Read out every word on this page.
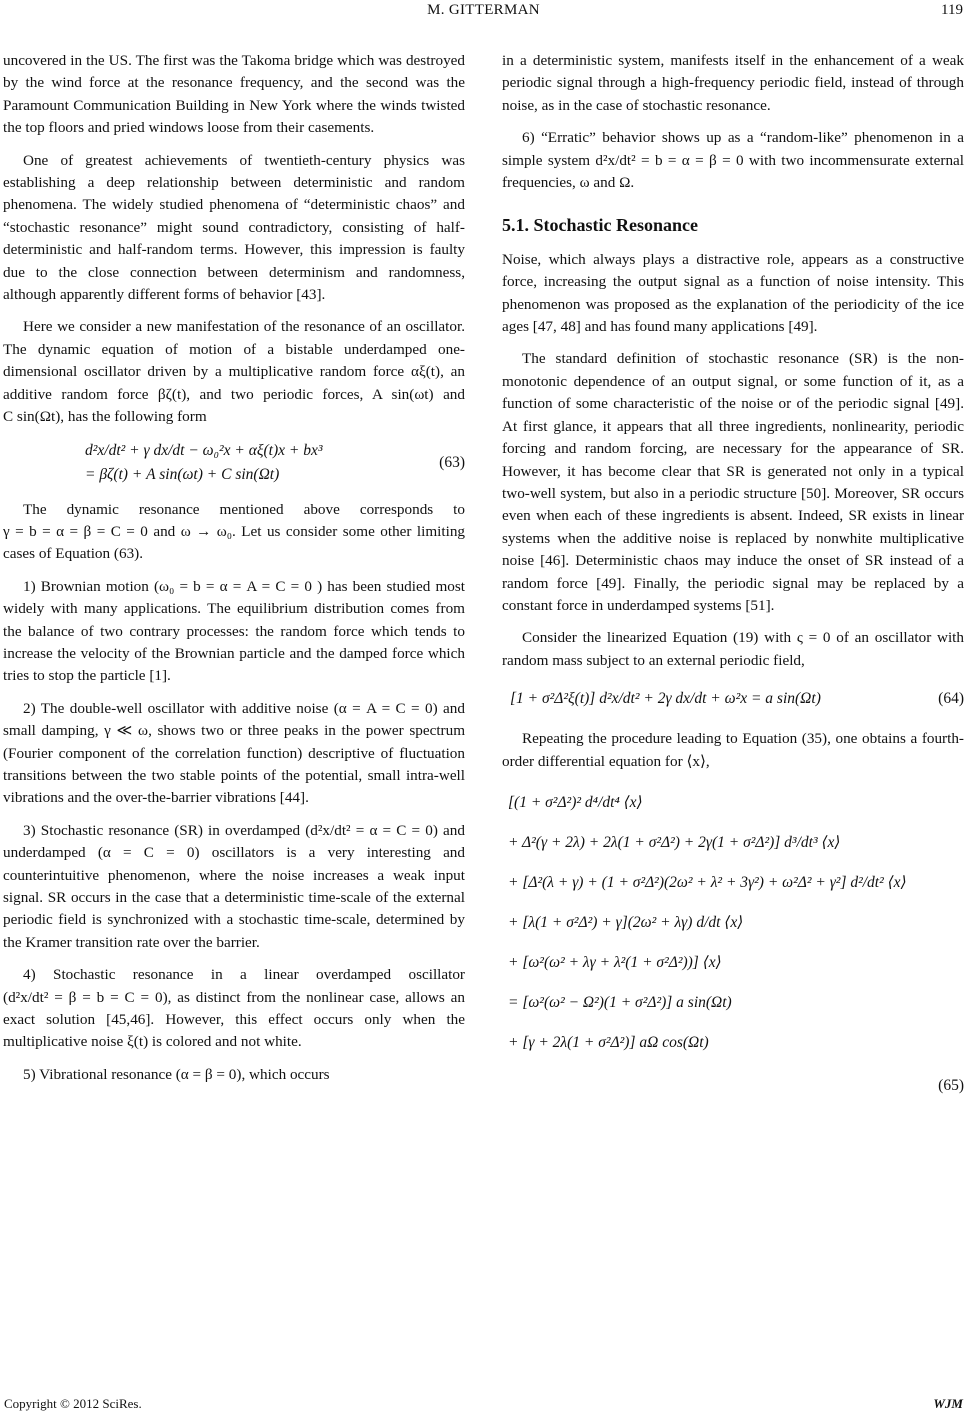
M. GITTERMAN	119

uncovered in the US. The first was the Takoma bridge which was destroyed by the wind force at the resonance frequency, and the second was the Paramount Communication Building in New York where the winds twisted the top floors and pried windows loose from their casements.

One of greatest achievements of twentieth-century physics was establishing a deep relationship between deterministic and random phenomena. The widely studied phenomena of “deterministic chaos” and “stochastic resonance” might sound contradictory, consisting of half-deterministic and half-random terms. However, this impression is faulty due to the close connection between determinism and randomness, although apparently different forms of behavior [43].

Here we consider a new manifestation of the resonance of an oscillator. The dynamic equation of motion of a bistable underdamped one-dimensional oscillator driven by a multiplicative random force αξ(t), an additive random force βζ(t), and two periodic forces, A sin(ωt) and C sin(Ωt), has the following form

d²x/dt² + γ dx/dt − ω₀²x + αξ(t)x + bx³
= βζ(t) + A sin(ωt) + C sin(Ωt)
(63)

The dynamic resonance mentioned above corresponds to γ = b = α = β = C = 0 and ω → ω₀. Let us consider some other limiting cases of Equation (63).

1) Brownian motion (ω₀ = b = α = A = C = 0 ) has been studied most widely with many applications. The equilibrium distribution comes from the balance of two contrary processes: the random force which tends to increase the velocity of the Brownian particle and the damped force which tries to stop the particle [1].

2) The double-well oscillator with additive noise (α = A = C = 0) and small damping, γ ≪ ω, shows two or three peaks in the power spectrum (Fourier component of the correlation function) descriptive of fluctuation transitions between the two stable points of the potential, small intra-well vibrations and the over-the-barrier vibrations [44].

3) Stochastic resonance (SR) in overdamped (d²x/dt² = α = C = 0) and underdamped (α = C = 0) oscillators is a very interesting and counterintuitive phenomenon, where the noise increases a weak input signal. SR occurs in the case that a deterministic time-scale of the external periodic field is synchronized with a stochastic time-scale, determined by the Kramer transition rate over the barrier.

4) Stochastic resonance in a linear overdamped oscillator (d²x/dt² = β = b = C = 0), as distinct from the nonlinear case, allows an exact solution [45,46]. However, this effect occurs only when the multiplicative noise ξ(t) is colored and not white.

5) Vibrational resonance (α = β = 0), which occurs

in a deterministic system, manifests itself in the enhancement of a weak periodic signal through a high-frequency periodic field, instead of through noise, as in the case of stochastic resonance.

6) “Erratic” behavior shows up as a “random-like” phenomenon in a simple system d²x/dt² = b = α = β = 0 with two incommensurate external frequencies, ω and Ω.

5.1. Stochastic Resonance

Noise, which always plays a distractive role, appears as a constructive force, increasing the output signal as a function of noise intensity. This phenomenon was proposed as the explanation of the periodicity of the ice ages [47, 48] and has found many applications [49].

The standard definition of stochastic resonance (SR) is the non-monotonic dependence of an output signal, or some function of it, as a function of some characteristic of the noise or of the periodic signal [49]. At first glance, it appears that all three ingredients, nonlinearity, periodic forcing and random forcing, are necessary for the appearance of SR. However, it has become clear that SR is generated not only in a typical two-well system, but also in a periodic structure [50]. Moreover, SR occurs even when each of these ingredients is absent. Indeed, SR exists in linear systems when the additive noise is replaced by nonwhite multiplicative noise [46]. Deterministic chaos may induce the onset of SR instead of a random force [49]. Finally, the periodic signal may be replaced by a constant force in underdamped systems [51].

Consider the linearized Equation (19) with ς = 0 of an oscillator with random mass subject to an external periodic field,

[1 + σ²Δ²ξ(t)] d²x/dt² + 2γ dx/dt + ω²x = a sin(Ωt)	(64)

Repeating the procedure leading to Equation (35), one obtains a fourth-order differential equation for ⟨x⟩,

[(1 + σ²Δ²)² d⁴/dt⁴ ⟨x⟩
+ Δ²(γ + 2λ) + 2λ(1 + σ²Δ²) + 2γ(1 + σ²Δ²)] d³/dt³ ⟨x⟩
+ [Δ²(λ + γ) + (1 + σ²Δ²)(2ω² + λ² + 3γ²) + ω²Δ² + γ²] d²/dt² ⟨x⟩
+ [λ(1 + σ²Δ²) + γ](2ω² + λγ) d/dt ⟨x⟩
+ [ω²(ω² + λγ + λ²(1 + σ²Δ²))] ⟨x⟩
= [ω²(ω² − Ω²)(1 + σ²Δ²)] a sin(Ωt)
+ [γ + 2λ(1 + σ²Δ²)] aΩ cos(Ωt)
(65)
Copyright © 2012 SciRes.	WJM
